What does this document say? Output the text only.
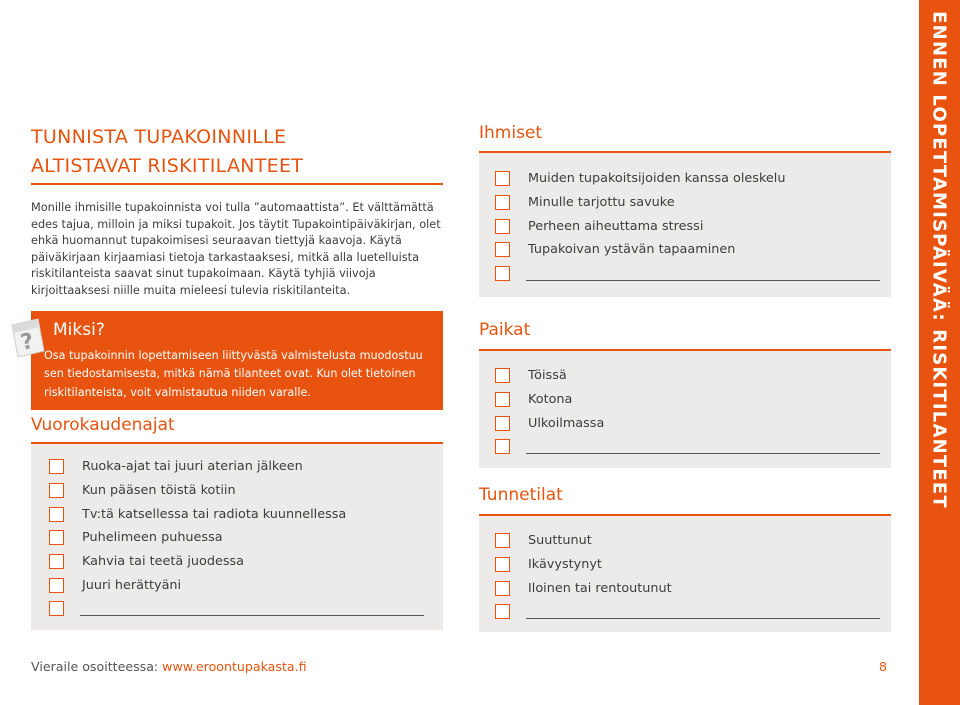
TUNNISTA TUPAKOINNILLE
ALTISTAVAT RISKITILANTEET

Monille ihmisille tupakoinnista voi tulla ”automaattista”. Et välttämättä edes tajua, milloin ja miksi tupakoit. Jos täytit Tupakointipäiväkirjan, olet ehkä huomannut tupakoimisesi seuraavan tiettyjä kaavoja. Käytä päiväkirjaan kirjaamiasi tietoja tarkastaaksesi, mitkä alla luetelluista riskitilanteista saavat sinut tupakoimaan. Käytä tyhjiä viivoja kirjoittaaksesi niille muita mieleesi tulevia riskitilanteita.

? Miksi?

Osa tupakoinnin lopettamiseen liittyvästä valmistelusta muodostuu sen tiedostamisesta, mitkä nämä tilanteet ovat. Kun olet tietoinen riskitilanteista, voit valmistautua niiden varalle.

Vuorokaudenajat
Ruoka-ajat tai juuri aterian jälkeen
Kun pääsen töistä kotiin
Tv:tä katsellessa tai radiota kuunnellessa
Puhelimeen puhuessa
Kahvia tai teetä juodessa
Juuri herättyäni
Ihmiset
Muiden tupakoitsijoiden kanssa oleskelu
Minulle tarjottu savuke
Perheen aiheuttama stressi
Tupakoivan ystävän tapaaminen
Paikat
Töissä
Kotona
Ulkoilmassa
Tunnetilat
Suuttunut
Ikävystynyt
Iloinen tai rentoutunut
Vieraile osoitteessa: www.eroontupakasta.fi	8
ENNEN LOPETTAMISPÄIVÄÄ: RISKITILANTEET
